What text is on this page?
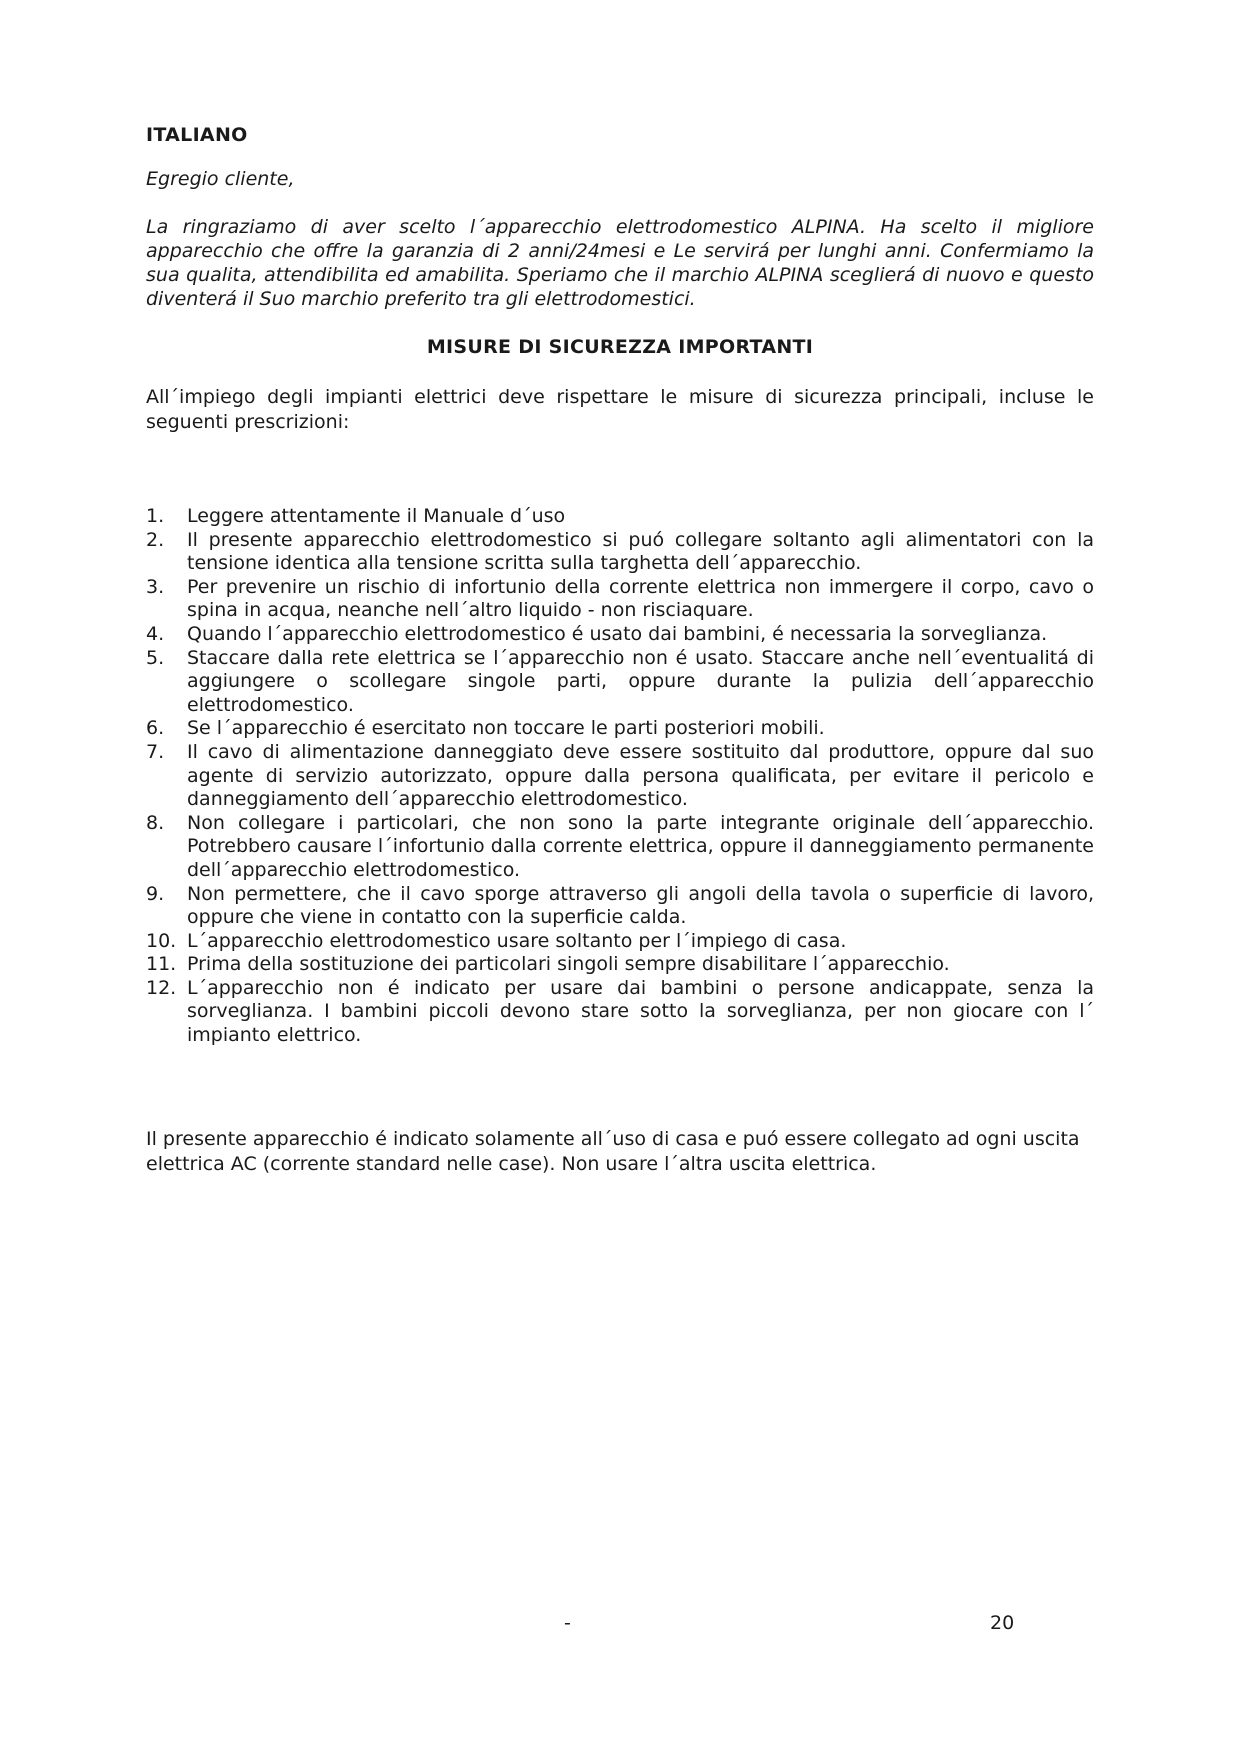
ITALIANO

Egregio cliente,

La ringraziamo di aver scelto l´apparecchio elettrodomestico ALPINA. Ha scelto il migliore apparecchio che offre la garanzia di 2 anni/24mesi e Le servirá per lunghi anni. Confermiamo la sua qualita, attendibilita ed amabilita. Speriamo che il marchio ALPINA sceglierá di nuovo e questo diventerá il Suo marchio preferito tra gli elettrodomestici.

MISURE DI SICUREZZA IMPORTANTI

All´impiego degli impianti elettrici deve rispettare le misure di sicurezza principali, incluse le seguenti prescrizioni:

1. Leggere attentamente il Manuale d´uso
2. Il presente apparecchio elettrodomestico si puó collegare soltanto agli alimentatori con la tensione identica alla tensione scritta sulla targhetta dell´apparecchio.
3. Per prevenire un rischio di infortunio della corrente elettrica non immergere il corpo, cavo o spina in acqua, neanche nell´altro liquido - non risciaquare.
4. Quando l´apparecchio elettrodomestico é usato dai bambini, é necessaria la sorveglianza.
5. Staccare dalla rete elettrica se l´apparecchio non é usato. Staccare anche nell´eventualitá di aggiungere o scollegare singole parti, oppure durante la pulizia dell´apparecchio elettrodomestico.
6. Se l´apparecchio é esercitato non toccare le parti posteriori mobili.
7. Il cavo di alimentazione danneggiato deve essere sostituito dal produttore, oppure dal suo agente di servizio autorizzato, oppure dalla persona qualificata, per evitare il pericolo e danneggiamento dell´apparecchio elettrodomestico.
8. Non collegare i particolari, che non sono la parte integrante originale dell´apparecchio. Potrebbero causare l´infortunio dalla corrente elettrica, oppure il danneggiamento permanente dell´apparecchio elettrodomestico.
9. Non permettere, che il cavo sporge attraverso gli angoli della tavola o superficie di lavoro, oppure che viene in contatto con la superficie calda.
10. L´apparecchio elettrodomestico usare soltanto per l´impiego di casa.
11. Prima della sostituzione dei particolari singoli sempre disabilitare l´apparecchio.
12. L´apparecchio non é indicato per usare dai bambini o persone andicappate, senza la sorveglianza. I bambini piccoli devono stare sotto la sorveglianza, per non giocare con l´ impianto elettrico.

Il presente apparecchio é indicato solamente all´uso di casa e puó essere collegato ad ogni uscita elettrica AC (corrente standard nelle case). Non usare l´altra uscita elettrica.

-	20
